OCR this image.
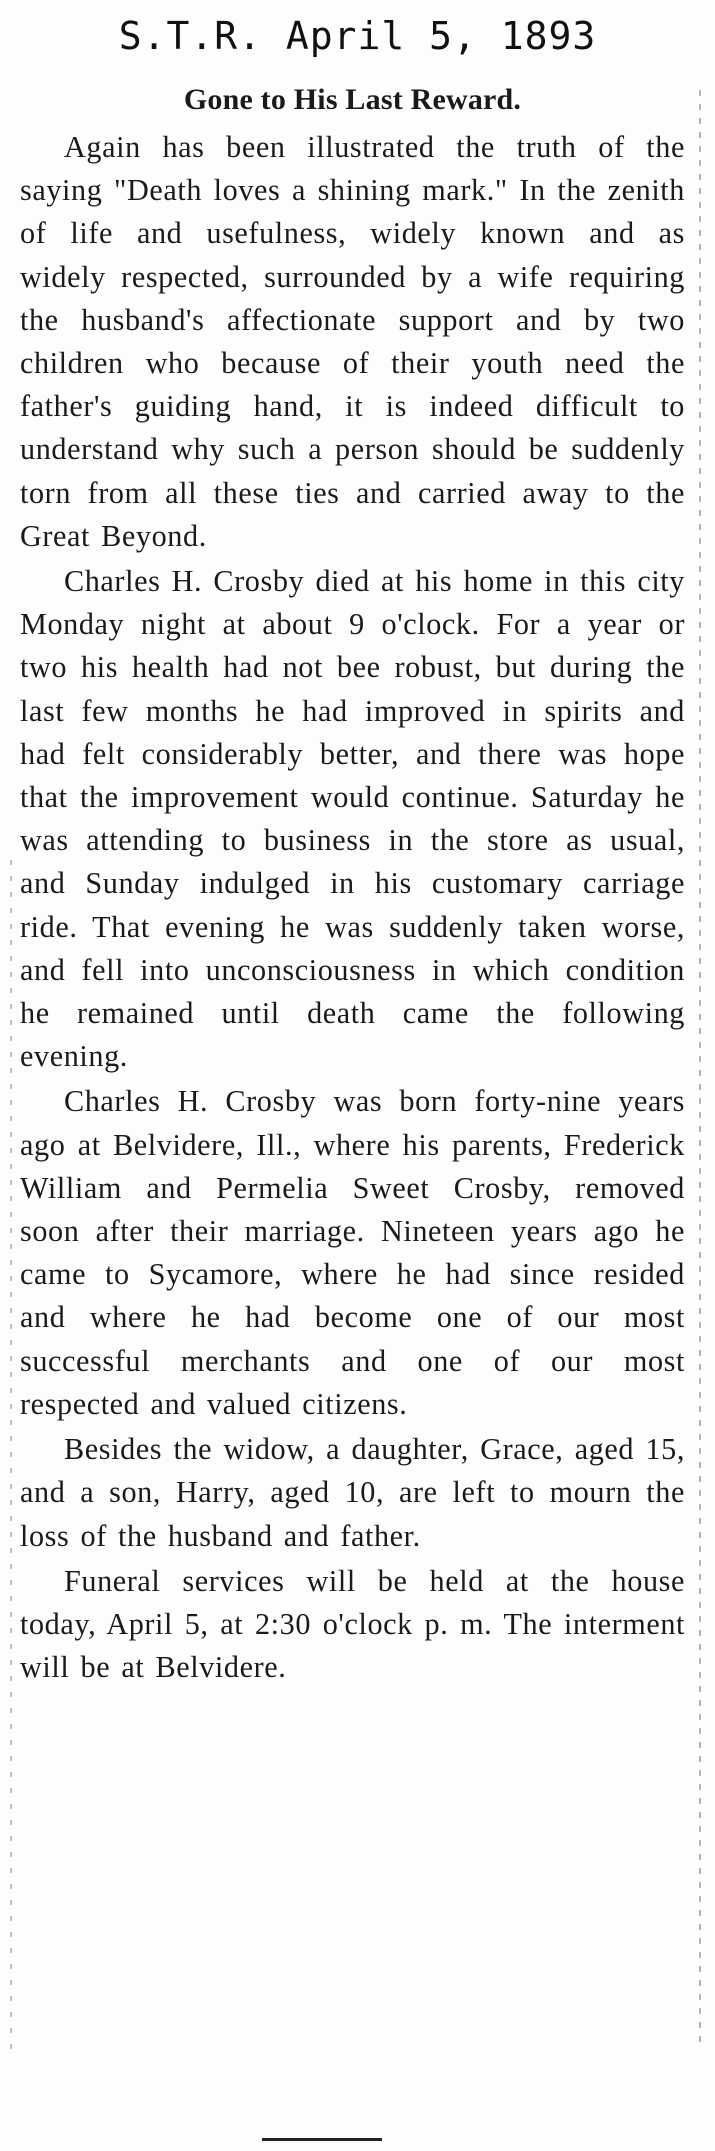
S.T.R. April 5, 1893
Gone to His Last Reward.

Again has been illustrated the truth of the saying "Death loves a shining mark." In the zenith of life and usefulness, widely known and as widely respected, surrounded by a wife requiring the husband's affectionate support and by two children who because of their youth need the father's guiding hand, it is indeed difficult to understand why such a person should be suddenly torn from all these ties and carried away to the Great Beyond.

Charles H. Crosby died at his home in this city Monday night at about 9 o'clock. For a year or two his health had not bee robust, but during the last few months he had improved in spirits and had felt considerably better, and there was hope that the improvement would continue. Saturday he was attending to business in the store as usual, and Sunday indulged in his customary carriage ride. That evening he was suddenly taken worse, and fell into unconsciousness in which condition he remained until death came the following evening.

Charles H. Crosby was born forty-nine years ago at Belvidere, Ill., where his parents, Frederick William and Permelia Sweet Crosby, removed soon after their marriage. Nineteen years ago he came to Sycamore, where he had since resided and where he had become one of our most successful merchants and one of our most respected and valued citizens.

Besides the widow, a daughter, Grace, aged 15, and a son, Harry, aged 10, are left to mourn the loss of the husband and father.

Funeral services will be held at the house today, April 5, at 2:30 o'clock p. m. The interment will be at Belvidere.
